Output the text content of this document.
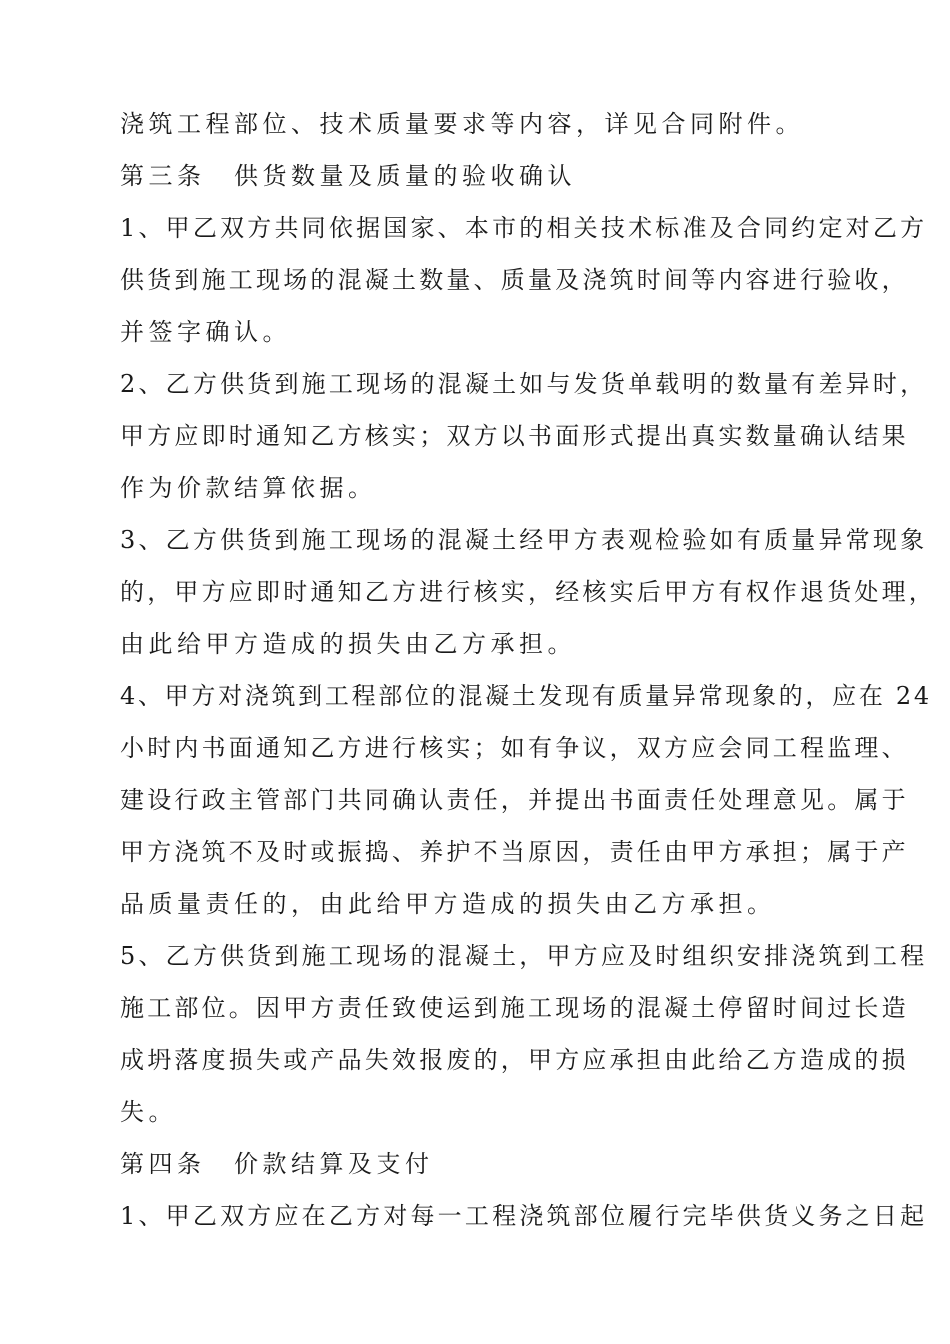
浇筑工程部位、技术质量要求等内容，详见合同附件。
第三条　供货数量及质量的验收确认
1、甲乙双方共同依据国家、本市的相关技术标准及合同约定对乙方
供货到施工现场的混凝土数量、质量及浇筑时间等内容进行验收，
并签字确认。
2、乙方供货到施工现场的混凝土如与发货单载明的数量有差异时，
甲方应即时通知乙方核实；双方以书面形式提出真实数量确认结果
作为价款结算依据。
3、乙方供货到施工现场的混凝土经甲方表观检验如有质量异常现象
的，甲方应即时通知乙方进行核实，经核实后甲方有权作退货处理，
由此给甲方造成的损失由乙方承担。
4、甲方对浇筑到工程部位的混凝土发现有质量异常现象的，应在 24
小时内书面通知乙方进行核实；如有争议，双方应会同工程监理、
建设行政主管部门共同确认责任，并提出书面责任处理意见。属于
甲方浇筑不及时或振捣、养护不当原因，责任由甲方承担；属于产
品质量责任的，由此给甲方造成的损失由乙方承担。
5、乙方供货到施工现场的混凝土，甲方应及时组织安排浇筑到工程
施工部位。因甲方责任致使运到施工现场的混凝土停留时间过长造
成坍落度损失或产品失效报废的，甲方应承担由此给乙方造成的损
失。
第四条　价款结算及支付
1、甲乙双方应在乙方对每一工程浇筑部位履行完毕供货义务之日起
